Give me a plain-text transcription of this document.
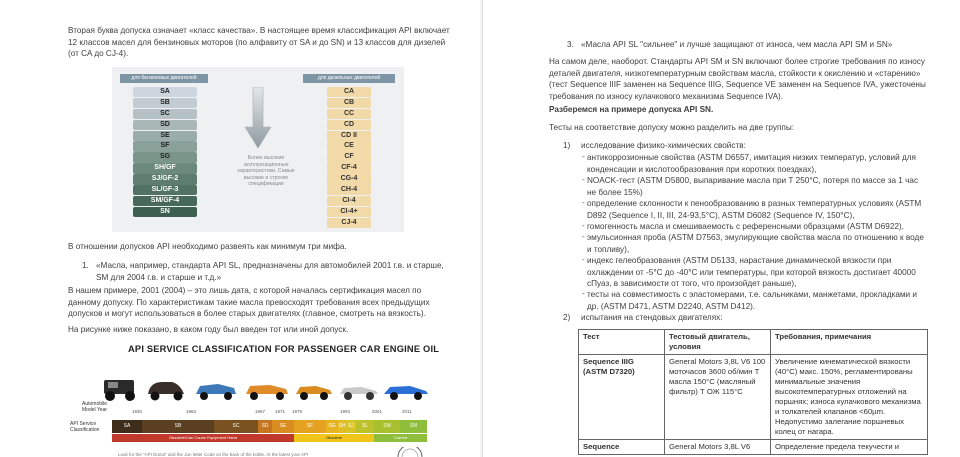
Вторая буква допуска означает «класс качества». В настоящее время классификация API включает 12 классов масел для бензиновых моторов (по алфавиту от SA и до SN) и 13 классов для дизелей (от CA до CJ-4).
для бензиновых двигателей	для дизельных двигателей
SA
SB
SC
SD
SE
SF
SG
SH/GF
SJ/GF-2
SL/GF-3
SM/GF-4
SN
Более высокие эксплуатационные характеристики. Самые высокие и строгие спецификации
CA
CB
CC
CD
CD II
CE
CF
CF-4
CG-4
CH-4
CI-4
CI-4+
CJ-4
В отношении допусков API необходимо развеять как минимум три мифа.
1. «Масла, например, стандарта API SL, предназначены для автомобилей 2001 г.в. и старше, SM для 2004 г.в. и старше и т.д.»
В нашем примере, 2001 (2004) – это лишь дата, с которой началась сертификация масел по данному допуску. По характеристикам такие масла превосходят требования всех предыдущих допусков и могут использоваться в более старых двигателях (главное, смотреть на вязкость).
На рисунке ниже показано, в каком году был введен тот или иной допуск.
API SERVICE CLASSIFICATION FOR PASSENGER CAR ENGINE OIL
Automobile Model Year	1930	1963	1967 1971 1979	1993	2001	2011
API Service Classification
SA	SB	SC	SD	SE	SF	SG SH SJ	SL	SM	SN
Obsolete/Can Cause Equipment Harm	Obsolete	Current
Look for the "API Donut" and the Jun letter Code on the back of the bottle. At the latest your API
3. «Масла API SL "сильнее" и лучше защищают от износа, чем масла API SM и SN»
На самом деле, наоборот. Стандарты API SM и SN включают более строгие требования по износу деталей двигателя, низкотемпературным свойствам масла, стойкости к окислению и «старению» (тест Sequence IIIF заменен на Sequence IIIG, Sequence VE заменен на Sequence IVA, ужесточены требования по износу кулачкового механизма Sequence IVA).
Разберемся на примере допуска API SN.
Тесты на соответствие допуску можно разделить на две группы:
1) исследование физико-химических свойств:
- антикоррозионные свойства (ASTM D6557, имитация низких температур, условий для конденсации и кислотообразования при коротких поездках),
- NOACK-тест (ASTM D5800, выпаривание масла при Т 250°С, потеря по массе за 1 час не более 15%)
- определение склонности к пенообразованию в разных температурных условиях (ASTM D892 (Sequence I, II, III, 24-93,5°С), ASTM D6082 (Sequence IV, 150°С),
- гомогенность масла и смешиваемость с референсными образцами (ASTM D6922),
- эмульсионная проба (ASTM D7563, эмулирующие свойства масла по отношению к воде и топливу),
- индекс гелеобразования (ASTM D5133, нарастание динамической вязкости при охлаждении от -5°С до -40°С или температуры, при которой вязкость достигает 40000 сПуаз, в зависимости от того, что произойдет раньше),
- тесты на совместимость с эластомерами, т.е. сальниками, манжетами, прокладками и др. (ASTM D471, ASTM D2240, ASTM D412).
2) испытания на стендовых двигателях:
Тест	Тестовый двигатель, условия	Требования, примечания
Sequence IIIG (ASTM D7320)	General Motors 3,8L V6 100 моточасов 3600 об/мин Т масла 150°С (масляный фильтр) Т ОЖ 115°С	Увеличение кинематической вязкости (40°С) макс. 150%, регламентированы минимальные значения высокотемпературных отложений на поршнях; износа кулачкового механизма и толкателей клапанов <60µm. Недопустимо залегание поршневых колец от нагара.
Sequence	General Motors 3,8L V6	Определение предела текучести и
